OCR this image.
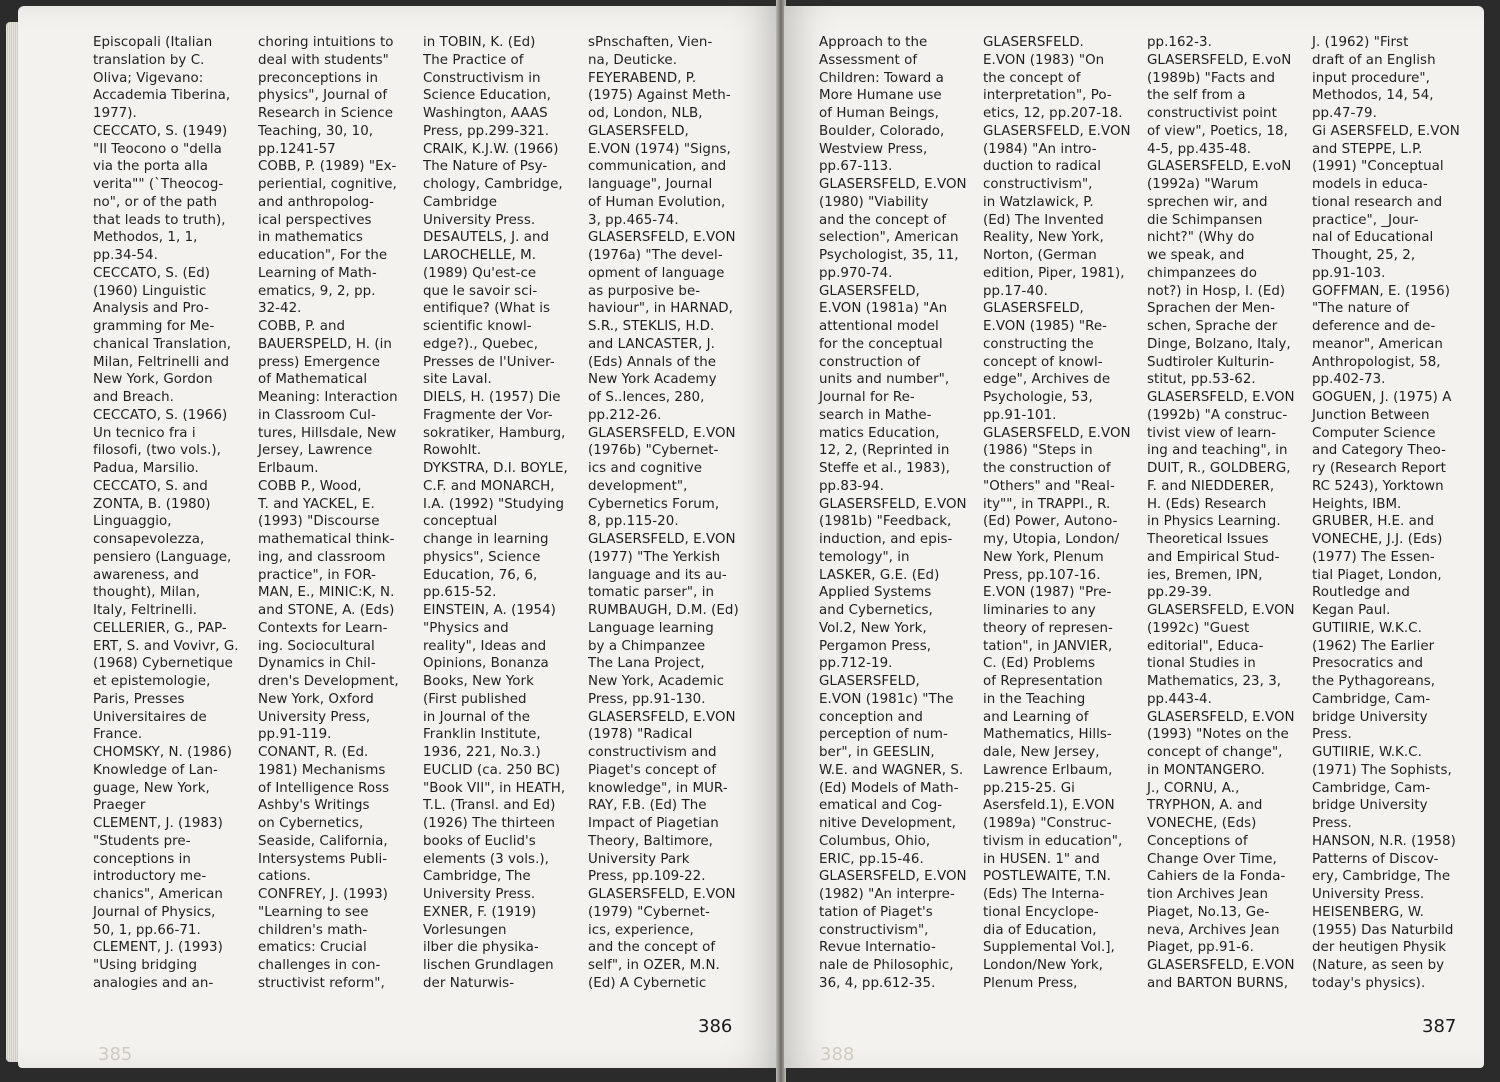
Episcopali (Italian
translation by C.
Oliva; Vigevano:
Accademia Tiberina,
1977).
CECCATO, S. (1949)
"Il Teocono o "della
via the porta alla
verita"" (`Theocog-
no", or of the path
that leads to truth),
Methodos, 1, 1,
pp.34-54.
CECCATO, S. (Ed)
(1960) Linguistic
Analysis and Pro-
gramming for Me-
chanical Translation,
Milan, Feltrinelli and
New York, Gordon
and Breach.
CECCATO, S. (1966)
Un tecnico fra i
filosofi, (two vols.),
Padua, Marsilio.
CECCATO, S. and
ZONTA, B. (1980)
Linguaggio,
consapevolezza,
pensiero (Language,
awareness, and
thought), Milan,
Italy, Feltrinelli.
CELLERIER, G., PAP-
ERT, S. and Vovivr, G.
(1968) Cybernetique
et epistemologie,
Paris, Presses
Universitaires de
France.
CHOMSKY, N. (1986)
Knowledge of Lan-
guage, New York,
Praeger
CLEMENT, J. (1983)
"Students pre-
conceptions in
introductory me-
chanics", American
Journal of Physics,
50, 1, pp.66-71.
CLEMENT, J. (1993)
"Using bridging
analogies and an-
choring intuitions to
deal with students"
preconceptions in
physics", Journal of
Research in Science
Teaching, 30, 10,
pp.1241-57
COBB, P. (1989) "Ex-
periential, cognitive,
and anthropolog-
ical perspectives
in mathematics
education", For the
Learning of Math-
ematics, 9, 2, pp.
32-42.
COBB, P. and
BAUERSPELD, H. (in
press) Emergence
of Mathematical
Meaning: Interaction
in Classroom Cul-
tures, Hillsdale, New
Jersey, Lawrence
Erlbaum.
COBB P., Wood,
T. and YACKEL, E.
(1993) "Discourse
mathematical think-
ing, and classroom
practice", in FOR-
MAN, E., MINIC:K, N.
and STONE, A. (Eds)
Contexts for Learn-
ing. Sociocultural
Dynamics in Chil-
dren's Development,
New York, Oxford
University Press,
pp.91-119.
CONANT, R. (Ed.
1981) Mechanisms
of Intelligence Ross
Ashby's Writings
on Cybernetics,
Seaside, California,
Intersystems Publi-
cations.
CONFREY, J. (1993)
"Learning to see
children's math-
ematics: Crucial
challenges in con-
structivist reform",
in TOBIN, K. (Ed)
The Practice of
Constructivism in
Science Education,
Washington, AAAS
Press, pp.299-321.
CRAIK, K.J.W. (1966)
The Nature of Psy-
chology, Cambridge,
Cambridge
University Press.
DESAUTELS, J. and
LAROCHELLE, M.
(1989) Qu'est-ce
que le savoir sci-
entifique? (What is
scientific knowl-
edge?)., Quebec,
Presses de l'Univer-
site Laval.
DIELS, H. (1957) Die
Fragmente der Vor-
sokratiker, Hamburg,
Rowohlt.
DYKSTRA, D.I. BOYLE,
C.F. and MONARCH,
I.A. (1992) "Studying
conceptual
change in learning
physics", Science
Education, 76, 6,
pp.615-52.
EINSTEIN, A. (1954)
"Physics and
reality", Ideas and
Opinions, Bonanza
Books, New York
(First published
in Journal of the
Franklin Institute,
1936, 221, No.3.)
EUCLID (ca. 250 BC)
"Book VII", in HEATH,
T.L. (Transl. and Ed)
(1926) The thirteen
books of Euclid's
elements (3 vols.),
Cambridge, The
University Press.
EXNER, F. (1919)
Vorlesungen
ilber die physika-
lischen Grundlagen
der Naturwis-
sPnschaften, Vien-
na, Deuticke.
FEYERABEND, P.
(1975) Against Meth-
od, London, NLB,
GLASERSFELD,
E.VON (1974) "Signs,
communication, and
language", Journal
of Human Evolution,
3, pp.465-74.
GLASERSFELD, E.VON
(1976a) "The devel-
opment of language
as purposive be-
haviour", in HARNAD,
S.R., STEKLIS, H.D.
and LANCASTER, J.
(Eds) Annals of the
New York Academy
of S..lences, 280,
pp.212-26.
GLASERSFELD, E.VON
(1976b) "Cybernet-
ics and cognitive
development",
Cybernetics Forum,
8, pp.115-20.
GLASERSFELD, E.VON
(1977) "The Yerkish
language and its au-
tomatic parser", in
RUMBAUGH, D.M. (Ed)
Language learning
by a Chimpanzee
The Lana Project,
New York, Academic
Press, pp.91-130.
GLASERSFELD, E.VON
(1978) "Radical
constructivism and
Piaget's concept of
knowledge", in MUR-
RAY, F.B. (Ed) The
Impact of Piagetian
Theory, Baltimore,
University Park
Press, pp.109-22.
GLASERSFELD, E.VON
(1979) "Cybernet-
ics, experience,
and the concept of
self", in OZER, M.N.
(Ed) A Cybernetic
386
385
Approach to the
Assessment of
Children: Toward a
More Humane use
of Human Beings,
Boulder, Colorado,
Westview Press,
pp.67-113.
GLASERSFELD, E.VON
(1980) "Viability
and the concept of
selection", American
Psychologist, 35, 11,
pp.970-74.
GLASERSFELD,
E.VON (1981a) "An
attentional model
for the conceptual
construction of
units and number",
Journal for Re-
search in Mathe-
matics Education,
12, 2, (Reprinted in
Steffe et al., 1983),
pp.83-94.
GLASERSFELD, E.VON
(1981b) "Feedback,
induction, and epis-
temology", in
LASKER, G.E. (Ed)
Applied Systems
and Cybernetics,
Vol.2, New York,
Pergamon Press,
pp.712-19.
GLASERSFELD,
E.VON (1981c) "The
conception and
perception of num-
ber", in GEESLIN,
W.E. and WAGNER, S.
(Ed) Models of Math-
ematical and Cog-
nitive Development,
Columbus, Ohio,
ERIC, pp.15-46.
GLASERSFELD, E.VON
(1982) "An interpre-
tation of Piaget's
constructivism",
Revue Internatio-
nale de Philosophic,
36, 4, pp.612-35.
GLASERSFELD.
E.VON (1983) "On
the concept of
interpretation", Po-
etics, 12, pp.207-18.
GLASERSFELD, E.VON
(1984) "An intro-
duction to radical
constructivism",
in Watzlawick, P.
(Ed) The Invented
Reality, New York,
Norton, (German
edition, Piper, 1981),
pp.17-40.
GLASERSFELD,
E.VON (1985) "Re-
constructing the
concept of knowl-
edge", Archives de
Psychologie, 53,
pp.91-101.
GLASERSFELD, E.VON
(1986) "Steps in
the construction of
"Others" and "Real-
ity"", in TRAPPI., R.
(Ed) Power, Autono-
my, Utopia, London/
New York, Plenum
Press, pp.107-16.
E.VON (1987) "Pre-
liminaries to any
theory of represen-
tation", in JANVIER,
C. (Ed) Problems
of Representation
in the Teaching
and Learning of
Mathematics, Hills-
dale, New Jersey,
Lawrence Erlbaum,
pp.215-25. Gi
Asersfeld.1), E.VON
(1989a) "Construc-
tivism in education",
in HUSEN. 1" and
POSTLEWAITE, T.N.
(Eds) The Interna-
tional Encyclope-
dia of Education,
Supplemental Vol.],
London/New York,
Plenum Press,
pp.162-3.
GLASERSFELD, E.voN
(1989b) "Facts and
the self from a
constructivist point
of view", Poetics, 18,
4-5, pp.435-48.
GLASERSFELD, E.voN
(1992a) "Warum
sprechen wir, and
die Schimpansen
nicht?" (Why do
we speak, and
chimpanzees do
not?) in Hosp, I. (Ed)
Sprachen der Men-
schen, Sprache der
Dinge, Bolzano, Italy,
Sudtiroler Kulturin-
stitut, pp.53-62.
GLASERSFELD, E.VON
(1992b) "A construc-
tivist view of learn-
ing and teaching", in
DUIT, R., GOLDBERG,
F. and NIEDDERER,
H. (Eds) Research
in Physics Learning.
Theoretical Issues
and Empirical Stud-
ies, Bremen, IPN,
pp.29-39.
GLASERSFELD, E.VON
(1992c) "Guest
editorial", Educa-
tional Studies in
Mathematics, 23, 3,
pp.443-4.
GLASERSFELD, E.VON
(1993) "Notes on the
concept of change",
in MONTANGERO.
J., CORNU, A.,
TRYPHON, A. and
VONECHE, (Eds)
Conceptions of
Change Over Time,
Cahiers de la Fonda-
tion Archives Jean
Piaget, No.13, Ge-
neva, Archives Jean
Piaget, pp.91-6.
GLASERSFELD, E.VON
and BARTON BURNS,
J. (1962) "First
draft of an English
input procedure",
Methodos, 14, 54,
pp.47-79.
Gi ASERSFELD, E.VON
and STEPPE, L.P.
(1991) "Conceptual
models in educa-
tional research and
practice", _Jour-
nal of Educational
Thought, 25, 2,
pp.91-103.
GOFFMAN, E. (1956)
"The nature of
deference and de-
meanor", American
Anthropologist, 58,
pp.402-73.
GOGUEN, J. (1975) A
Junction Between
Computer Science
and Category Theo-
ry (Research Report
RC 5243), Yorktown
Heights, IBM.
GRUBER, H.E. and
VONECHE, J.J. (Eds)
(1977) The Essen-
tial Piaget, London,
Routledge and
Kegan Paul.
GUTIIRIE, W.K.C.
(1962) The Earlier
Presocratics and
the Pythagoreans,
Cambridge, Cam-
bridge University
Press.
GUTIIRIE, W.K.C.
(1971) The Sophists,
Cambridge, Cam-
bridge University
Press.
HANSON, N.R. (1958)
Patterns of Discov-
ery, Cambridge, The
University Press.
HEISENBERG, W.
(1955) Das Naturbild
der heutigen Physik
(Nature, as seen by
today's physics).
387
388
